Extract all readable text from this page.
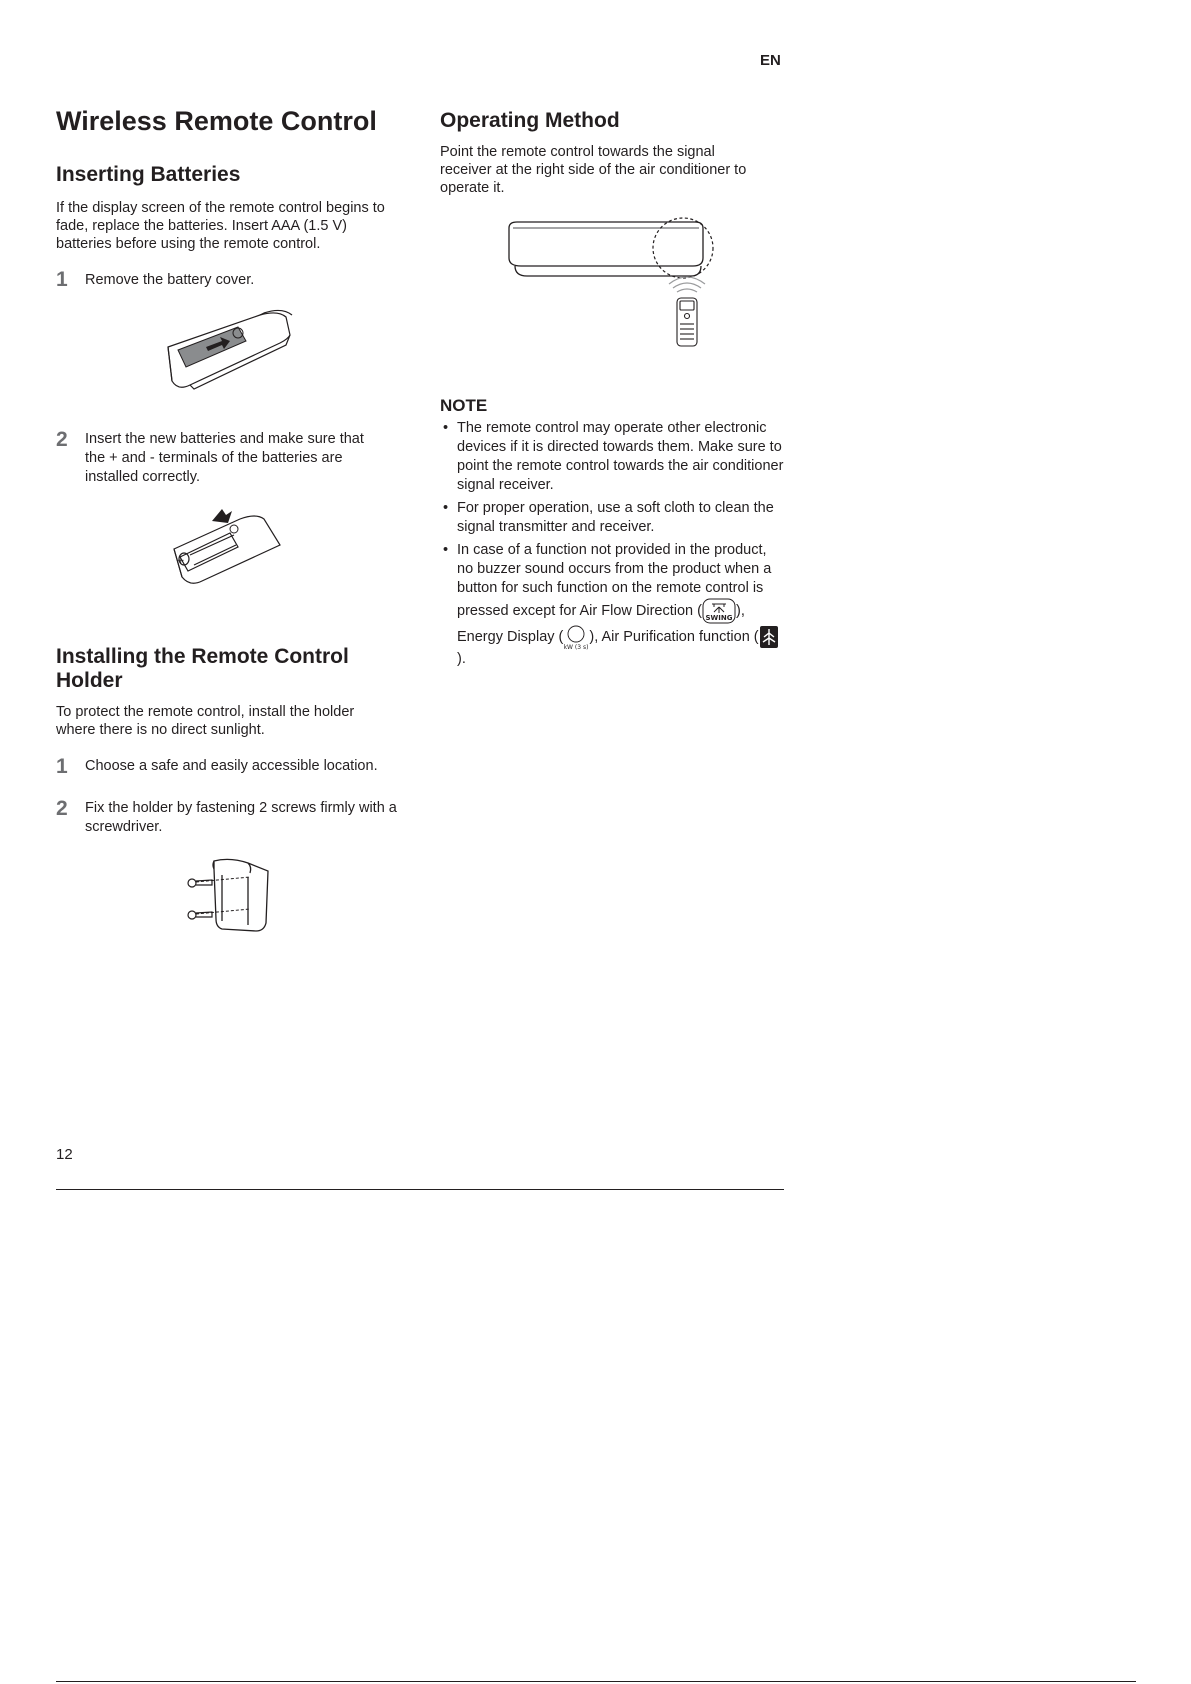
EN
Wireless Remote Control
Inserting Batteries

If the display screen of the remote control begins to fade, replace the batteries. Insert AAA (1.5 V) batteries before using the remote control.

1 Remove the battery cover.
2 Insert the new batteries and make sure that the + and - terminals of the batteries are installed correctly.
+
Installing the Remote Control Holder

To protect the remote control, install the holder where there is no direct sunlight.

1 Choose a safe and easily accessible location.
2 Fix the holder by fastening 2 screws firmly with a screwdriver.
Operating Method

Point the remote control towards the signal receiver at the right side of the air conditioner to operate it.

NOTE
• The remote control may operate other electronic devices if it is directed towards them. Make sure to point the remote control towards the air conditioner signal receiver.
• For proper operation, use a soft cloth to clean the signal transmitter and receiver.
• In case of a function not provided in the product, no buzzer sound occurs from the product when a button for such function on the remote control is pressed except for Air Flow Direction ( SWING ), Energy Display (
kW (3 s)
), Air Purification function ().
12
